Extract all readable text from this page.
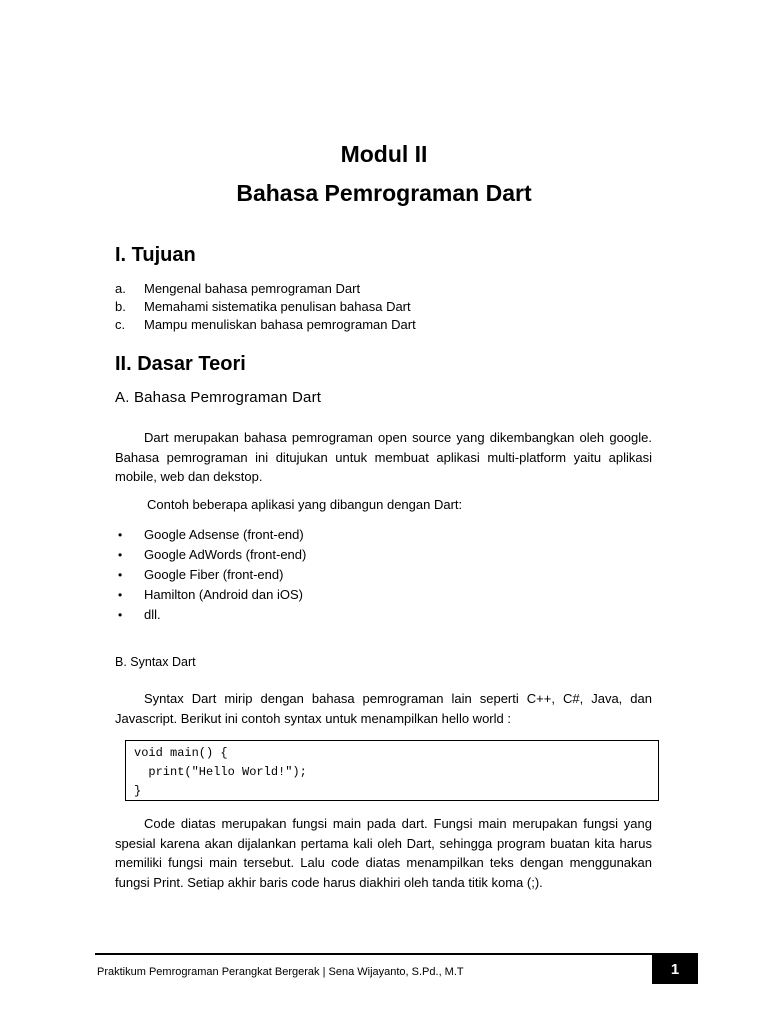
Modul II
Bahasa Pemrograman Dart
I. Tujuan
a. Mengenal bahasa pemrograman Dart
b. Memahami sistematika penulisan bahasa Dart
c. Mampu menuliskan bahasa pemrograman Dart
II. Dasar Teori
A. Bahasa Pemrograman Dart

Dart merupakan bahasa pemrograman open source yang dikembangkan oleh google. Bahasa pemrograman ini ditujukan untuk membuat aplikasi multi-platform yaitu aplikasi mobile, web dan dekstop.

Contoh beberapa aplikasi yang dibangun dengan Dart:

• Google Adsense (front-end)
• Google AdWords (front-end)
• Google Fiber (front-end)
• Hamilton (Android dan iOS)
• dll.
B. Syntax Dart

Syntax Dart mirip dengan bahasa pemrograman lain seperti C++, C#, Java, dan Javascript. Berikut ini contoh syntax untuk menampilkan hello world :

void main() {
print("Hello World!");
}

Code diatas merupakan fungsi main pada dart. Fungsi main merupakan fungsi yang spesial karena akan dijalankan pertama kali oleh Dart, sehingga program buatan kita harus memiliki fungsi main tersebut. Lalu code diatas menampilkan teks dengan menggunakan fungsi Print. Setiap akhir baris code harus diakhiri oleh tanda titik koma (;).

Praktikum Pemrograman Perangkat Bergerak | Sena Wijayanto, S.Pd., M.T	1
